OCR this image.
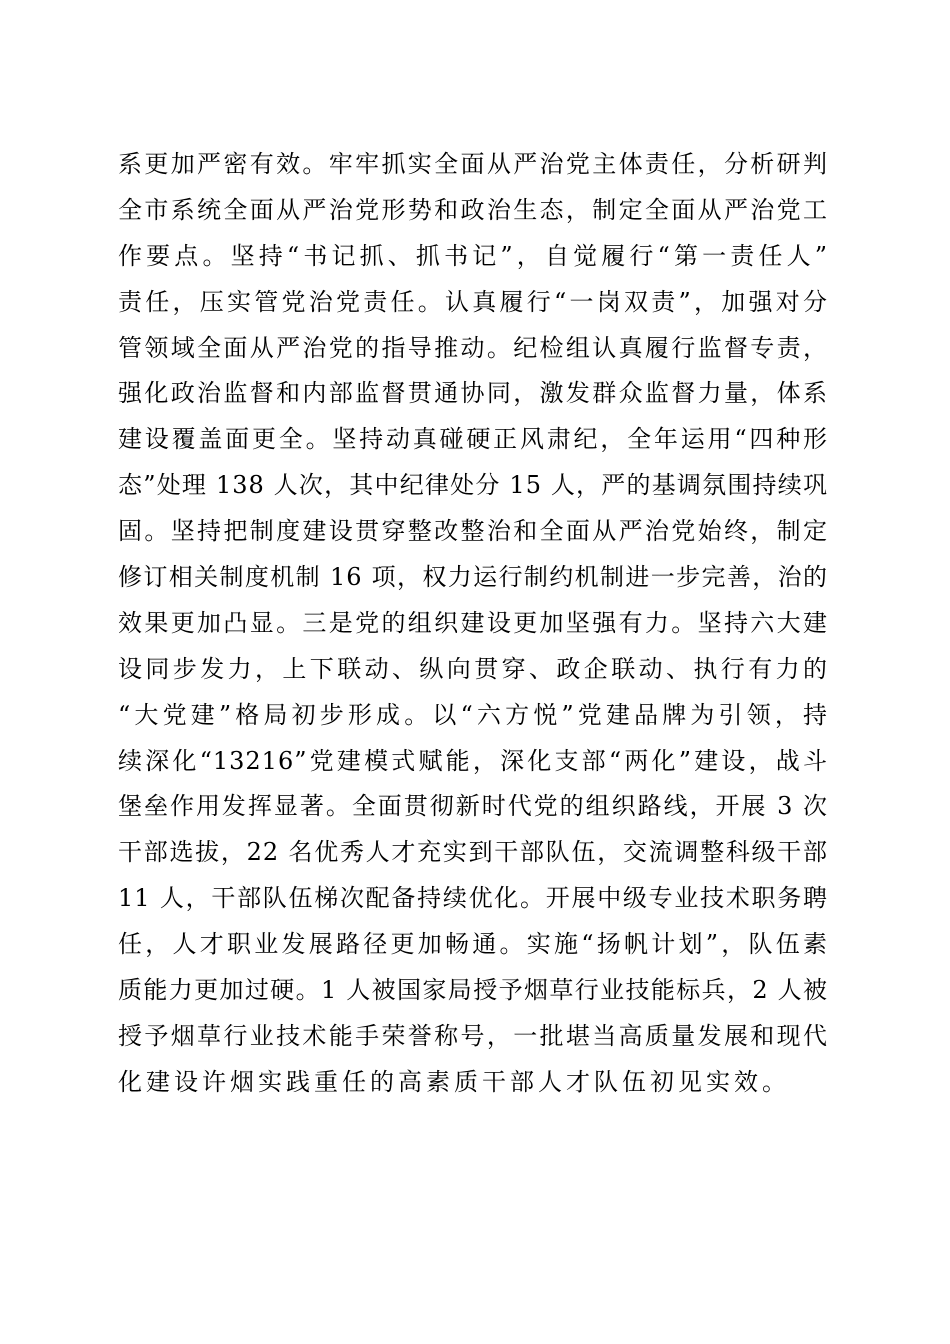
系更加严密有效。牢牢抓实全面从严治党主体责任，分析研判
全市系统全面从严治党形势和政治生态，制定全面从严治党工
作要点。坚持“书记抓、抓书记”，自觉履行“第一责任人”
责任，压实管党治党责任。认真履行“一岗双责”，加强对分
管领域全面从严治党的指导推动。纪检组认真履行监督专责，
强化政治监督和内部监督贯通协同，激发群众监督力量，体系
建设覆盖面更全。坚持动真碰硬正风肃纪，全年运用“四种形
态”处理 138 人次，其中纪律处分 15 人，严的基调氛围持续巩
固。坚持把制度建设贯穿整改整治和全面从严治党始终，制定
修订相关制度机制 16 项，权力运行制约机制进一步完善，治的
效果更加凸显。三是党的组织建设更加坚强有力。坚持六大建
设同步发力，上下联动、纵向贯穿、政企联动、执行有力的
“大党建”格局初步形成。以“六方悦”党建品牌为引领，持
续深化“13216”党建模式赋能，深化支部“两化”建设，战斗
堡垒作用发挥显著。全面贯彻新时代党的组织路线，开展 3 次
干部选拔，22 名优秀人才充实到干部队伍，交流调整科级干部
11 人，干部队伍梯次配备持续优化。开展中级专业技术职务聘
任，人才职业发展路径更加畅通。实施“扬帆计划”，队伍素
质能力更加过硬。1 人被国家局授予烟草行业技能标兵，2 人被
授予烟草行业技术能手荣誉称号，一批堪当高质量发展和现代
化建设许烟实践重任的高素质干部人才队伍初见实效。
